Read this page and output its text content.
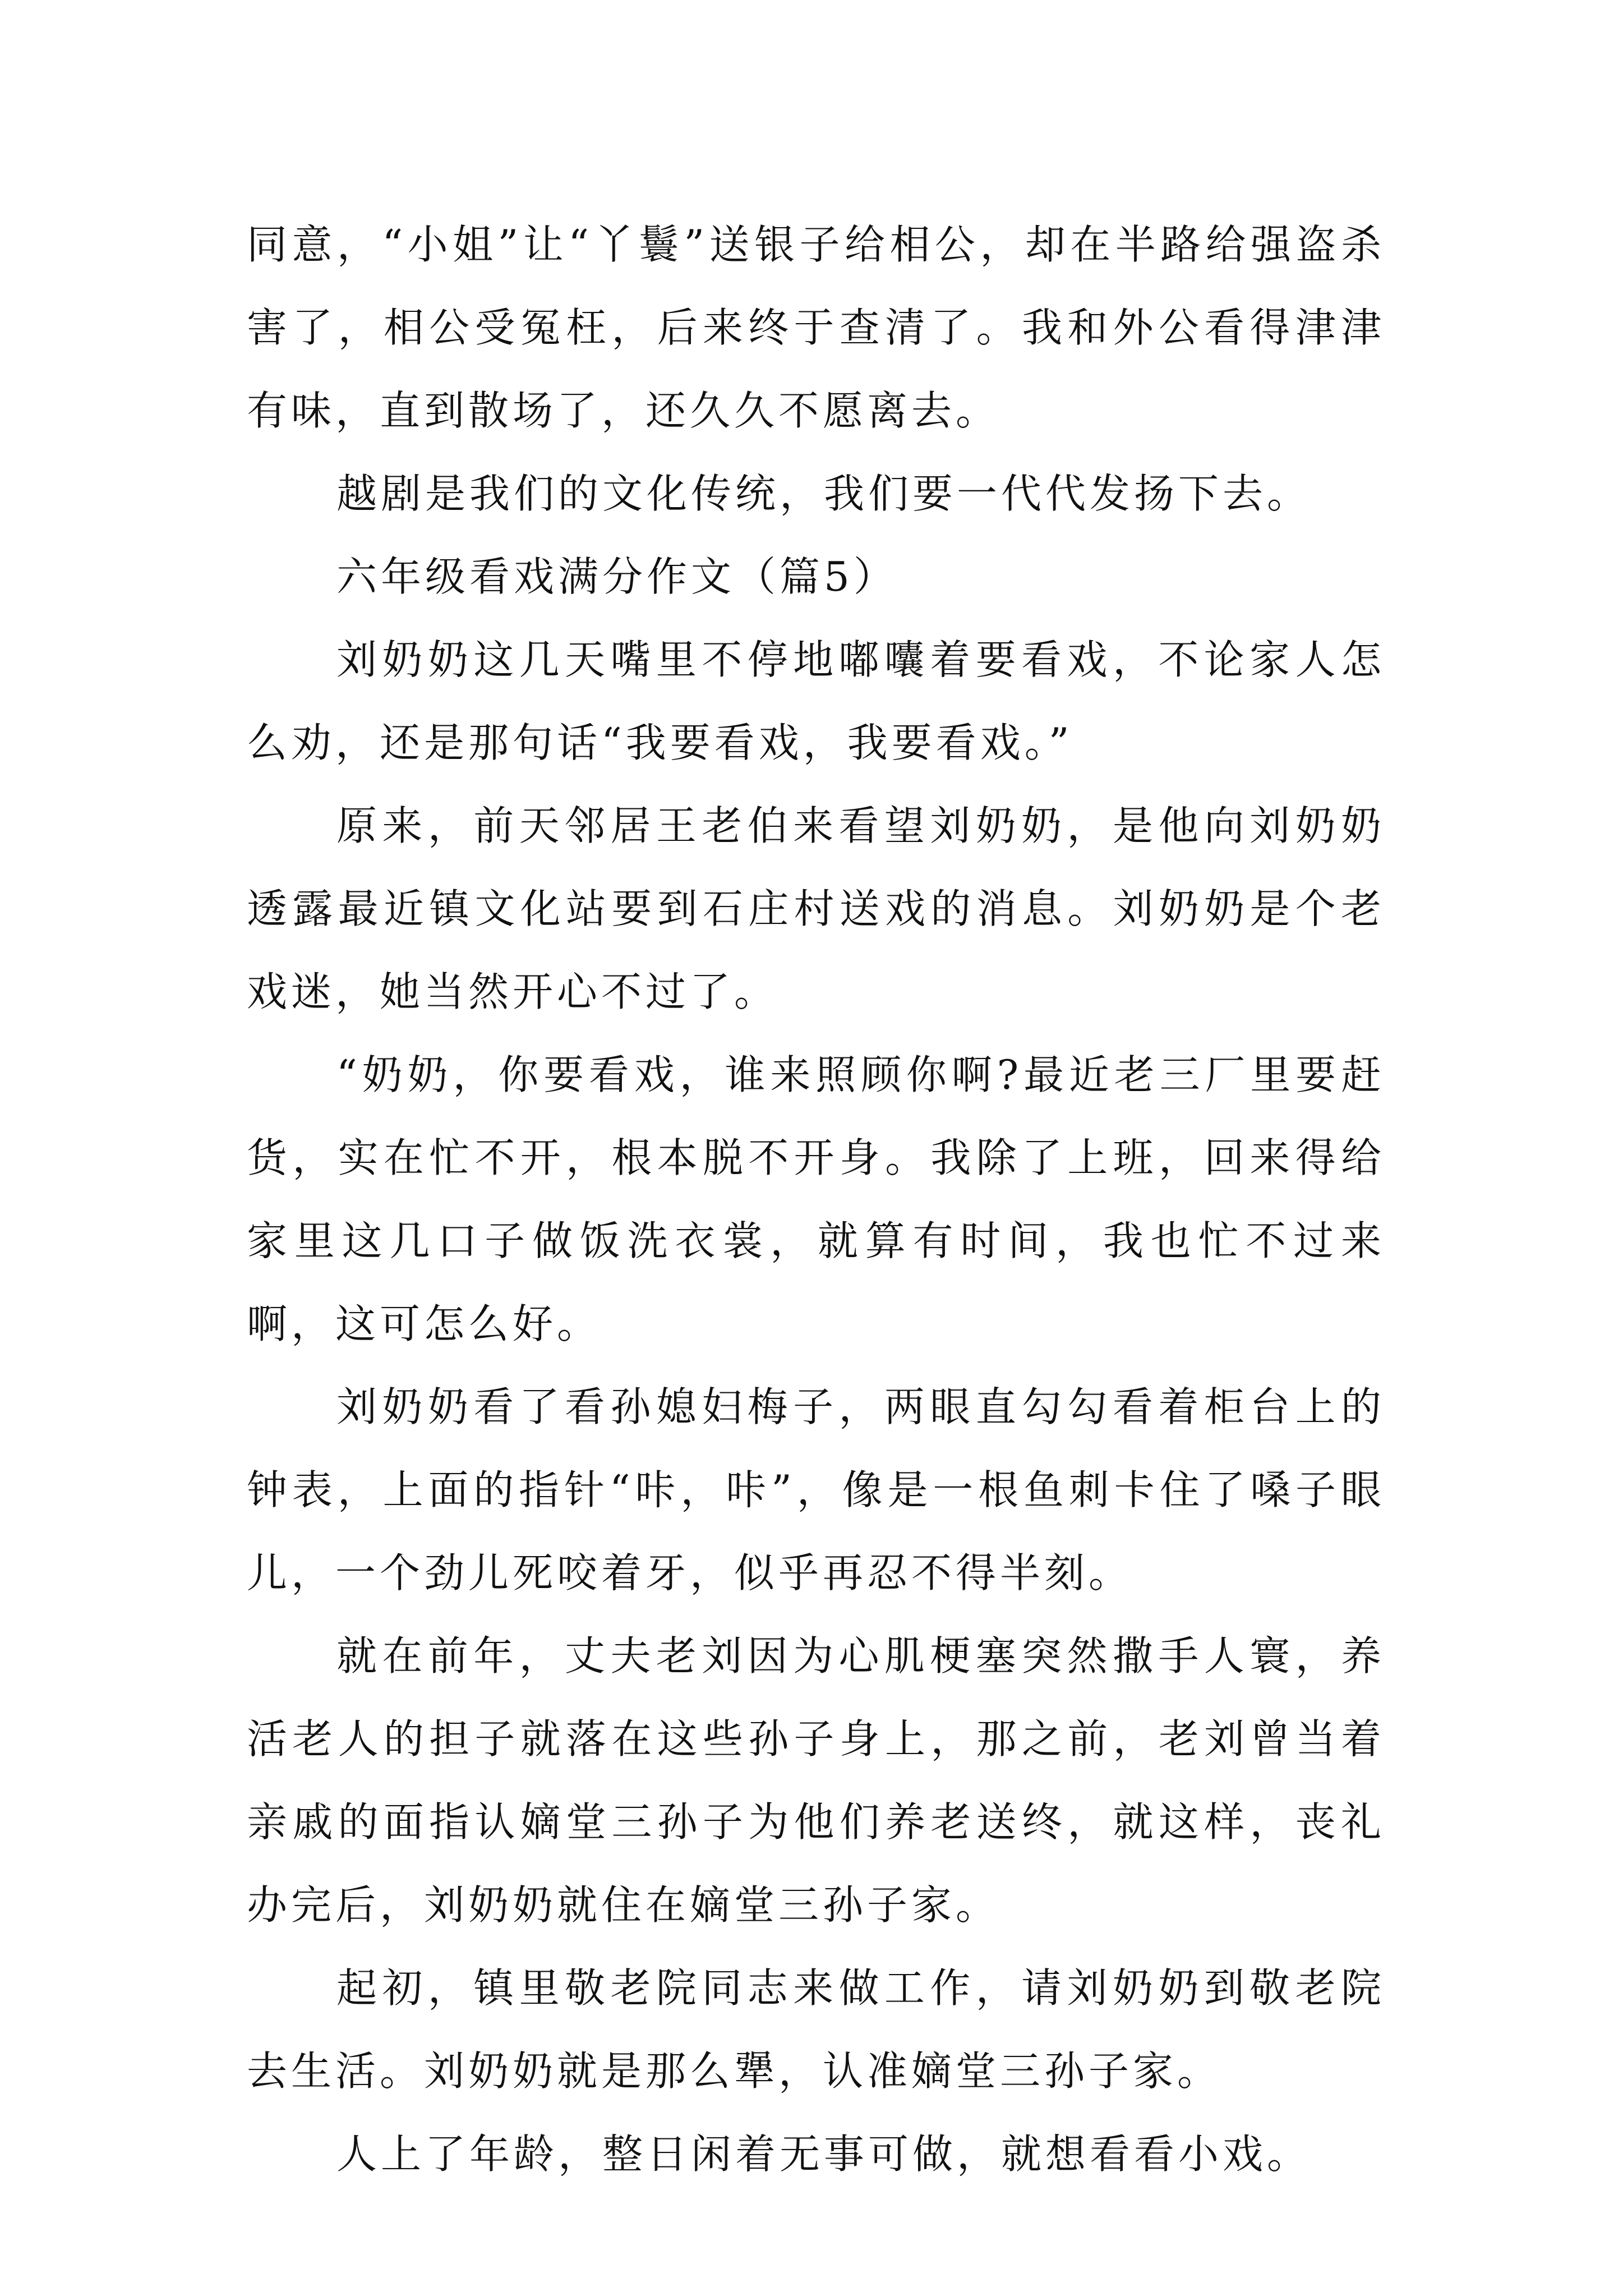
同意，“小姐”让“丫鬟”送银子给相公，却在半路给强盗杀害了，相公受冤枉，后来终于查清了。我和外公看得津津有味，直到散场了，还久久不愿离去。

越剧是我们的文化传统，我们要一代代发扬下去。

六年级看戏满分作文（篇5）

刘奶奶这几天嘴里不停地嘟囔着要看戏，不论家人怎么劝，还是那句话“我要看戏，我要看戏。”

原来，前天邻居王老伯来看望刘奶奶，是他向刘奶奶透露最近镇文化站要到石庄村送戏的消息。刘奶奶是个老戏迷，她当然开心不过了。

“奶奶，你要看戏，谁来照顾你啊?最近老三厂里要赶货，实在忙不开，根本脱不开身。我除了上班，回来得给家里这几口子做饭洗衣裳，就算有时间，我也忙不过来啊，这可怎么好。

刘奶奶看了看孙媳妇梅子，两眼直勾勾看着柜台上的钟表，上面的指针“咔，咔”，像是一根鱼刺卡住了嗓子眼儿，一个劲儿死咬着牙，似乎再忍不得半刻。

就在前年，丈夫老刘因为心肌梗塞突然撒手人寰，养活老人的担子就落在这些孙子身上，那之前，老刘曾当着亲戚的面指认嫡堂三孙子为他们养老送终，就这样，丧礼办完后，刘奶奶就住在嫡堂三孙子家。

起初，镇里敬老院同志来做工作，请刘奶奶到敬老院去生活。刘奶奶就是那么犟，认准嫡堂三孙子家。

人上了年龄，整日闲着无事可做，就想看看小戏。
